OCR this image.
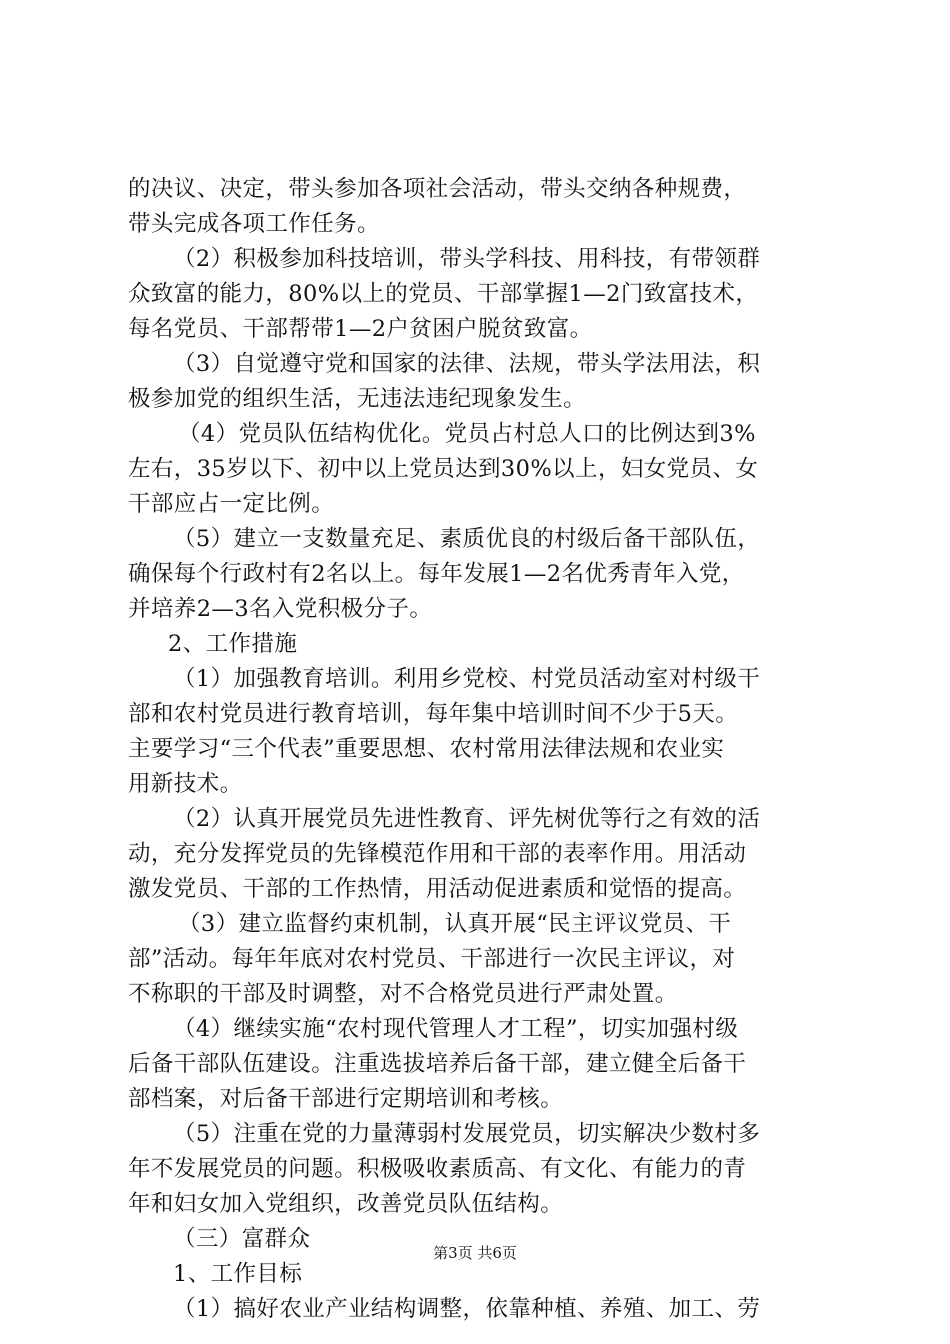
的决议、决定，带头参加各项社会活动，带头交纳各种规费，
带头完成各项工作任务。
（2）积极参加科技培训，带头学科技、用科技，有带领群
众致富的能力，80%以上的党员、干部掌握1—2门致富技术，
每名党员、干部帮带1—2户贫困户脱贫致富。
（3）自觉遵守党和国家的法律、法规，带头学法用法，积
极参加党的组织生活，无违法违纪现象发生。
（4）党员队伍结构优化。党员占村总人口的比例达到3%
左右，35岁以下、初中以上党员达到30%以上，妇女党员、女
干部应占一定比例。
（5）建立一支数量充足、素质优良的村级后备干部队伍，
确保每个行政村有2名以上。每年发展1—2名优秀青年入党，
并培养2—3名入党积极分子。
2、工作措施
（1）加强教育培训。利用乡党校、村党员活动室对村级干
部和农村党员进行教育培训，每年集中培训时间不少于5天。
主要学习“三个代表”重要思想、农村常用法律法规和农业实
用新技术。
（2）认真开展党员先进性教育、评先树优等行之有效的活
动，充分发挥党员的先锋模范作用和干部的表率作用。用活动
激发党员、干部的工作热情，用活动促进素质和觉悟的提高。
（3）建立监督约束机制，认真开展“民主评议党员、干
部”活动。每年年底对农村党员、干部进行一次民主评议，对
不称职的干部及时调整，对不合格党员进行严肃处置。
（4）继续实施“农村现代管理人才工程”，切实加强村级
后备干部队伍建设。注重选拔培养后备干部，建立健全后备干
部档案，对后备干部进行定期培训和考核。
（5）注重在党的力量薄弱村发展党员，切实解决少数村多
年不发展党员的问题。积极吸收素质高、有文化、有能力的青
年和妇女加入党组织，改善党员队伍结构。
（三）富群众
1、工作目标
（1）搞好农业产业结构调整，依靠种植、养殖、加工、劳
第3页 共6页
